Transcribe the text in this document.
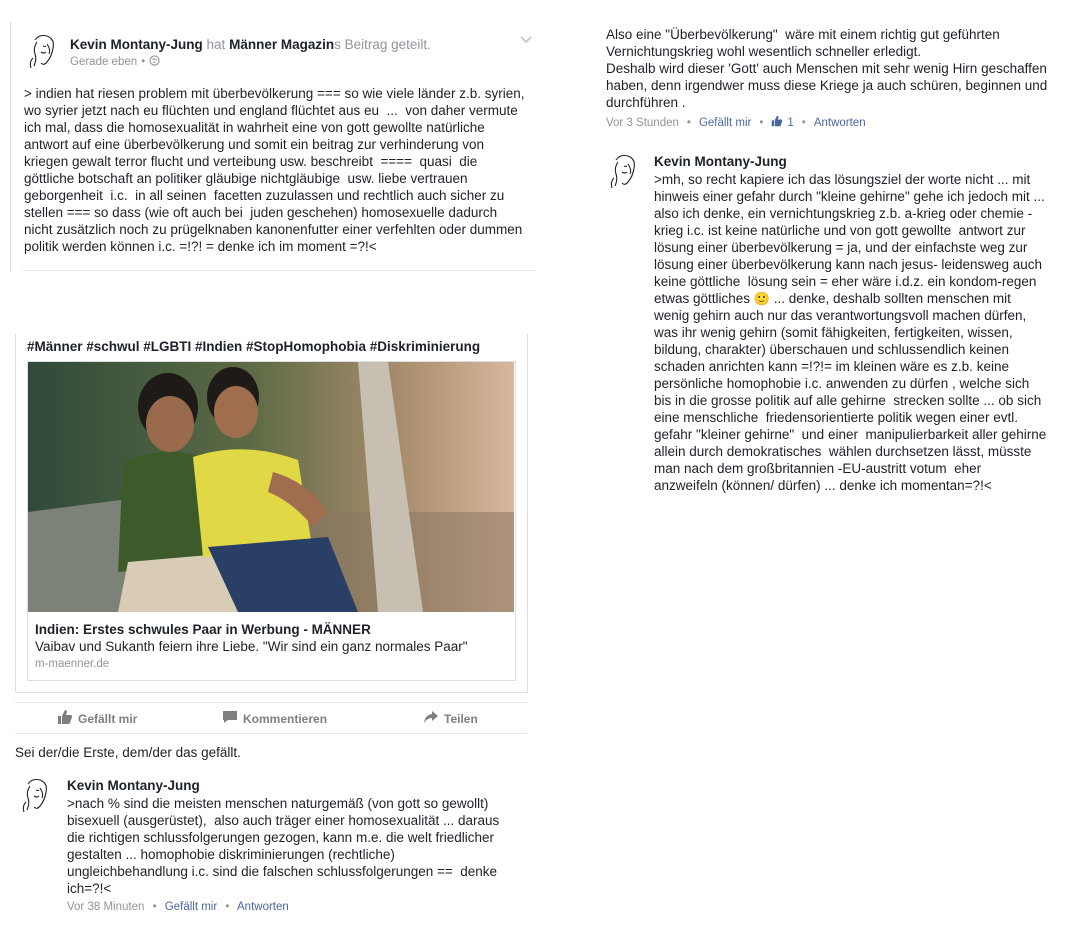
Kevin Montany-Jung hat Männer Magazins Beitrag geteilt.
Gerade eben •
> indien hat riesen problem mit überbevölkerung === so wie viele länder z.b. syrien,
wo syrier jetzt nach eu flüchten und england flüchtet aus eu  ...  von daher vermute
ich mal, dass die homosexualität in wahrheit eine von gott gewollte natürliche
antwort auf eine überbevölkerung und somit ein beitrag zur verhinderung von
kriegen gewalt terror flucht und verteibung usw. beschreibt  ====  quasi  die
göttliche botschaft an politiker gläubige nichtgläubige  usw. liebe vertrauen
geborgenheit  i.c.  in all seinen  facetten zuzulassen und rechtlich auch sicher zu
stellen === so dass (wie oft auch bei  juden geschehen) homosexuelle dadurch
nicht zusätzlich noch zu prügelknaben kanonenfutter einer verfehlten oder dummen
politik werden können i.c. =!?! = denke ich im moment =?!<
#Männer #schwul #LGBTI #Indien #StopHomophobia #Diskriminierung
Indien: Erstes schwules Paar in Werbung - MÄNNER
Vaibav und Sukanth feiern ihre Liebe. "Wir sind ein ganz normales Paar"
m-maenner.de
Gefällt mir	Kommentieren	Teilen
Sei der/die Erste, dem/der das gefällt.
Kevin Montany-Jung
>nach % sind die meisten menschen naturgemäß (von gott so gewollt)
bisexuell (ausgerüstet),  also auch träger einer homosexualität ... daraus
die richtigen schlussfolgerungen gezogen, kann m.e. die welt friedlicher
gestalten ... homophobie diskriminierungen (rechtliche)
ungleichbehandlung i.c. sind die falschen schlussfolgerungen ==  denke
ich=?!<
Vor 38 Minuten • Gefällt mir • Antworten
Also eine "Überbevölkerung"  wäre mit einem richtig gut geführten
Vernichtungskrieg wohl wesentlich schneller erledigt.
Deshalb wird dieser 'Gott' auch Menschen mit sehr wenig Hirn geschaffen
haben, denn irgendwer muss diese Kriege ja auch schüren, beginnen und
durchführen .
Vor 3 Stunden • Gefällt mir • 1 • Antworten
Kevin Montany-Jung
>mh, so recht kapiere ich das lösungsziel der worte nicht ... mit
hinweis einer gefahr durch "kleine gehirne" gehe ich jedoch mit ...
also ich denke, ein vernichtungskrieg z.b. a-krieg oder chemie -
krieg i.c. ist keine natürliche und von gott gewollte  antwort zur
lösung einer überbevölkerung = ja, und der einfachste weg zur
lösung einer überbevölkerung kann nach jesus- leidensweg auch
keine göttliche  lösung sein = eher wäre i.d.z. ein kondom-regen
etwas göttliches 🙂 ... denke, deshalb sollten menschen mit
wenig gehirn auch nur das verantwortungsvoll machen dürfen,
was ihr wenig gehirn (somit fähigkeiten, fertigkeiten, wissen,
bildung, charakter) überschauen und schlussendlich keinen
schaden anrichten kann =!?!= im kleinen wäre es z.b. keine
persönliche homophobie i.c. anwenden zu dürfen , welche sich
bis in die grosse politik auf alle gehirne  strecken sollte ... ob sich
eine menschliche  friedensorientierte politik wegen einer evtl.
gefahr "kleiner gehirne"  und einer  manipulierbarkeit aller gehirne
allein durch demokratisches  wählen durchsetzen lässt, müsste
man nach dem großbritannien -EU-austritt votum  eher
anzweifeln (können/ dürfen) ... denke ich momentan=?!<
